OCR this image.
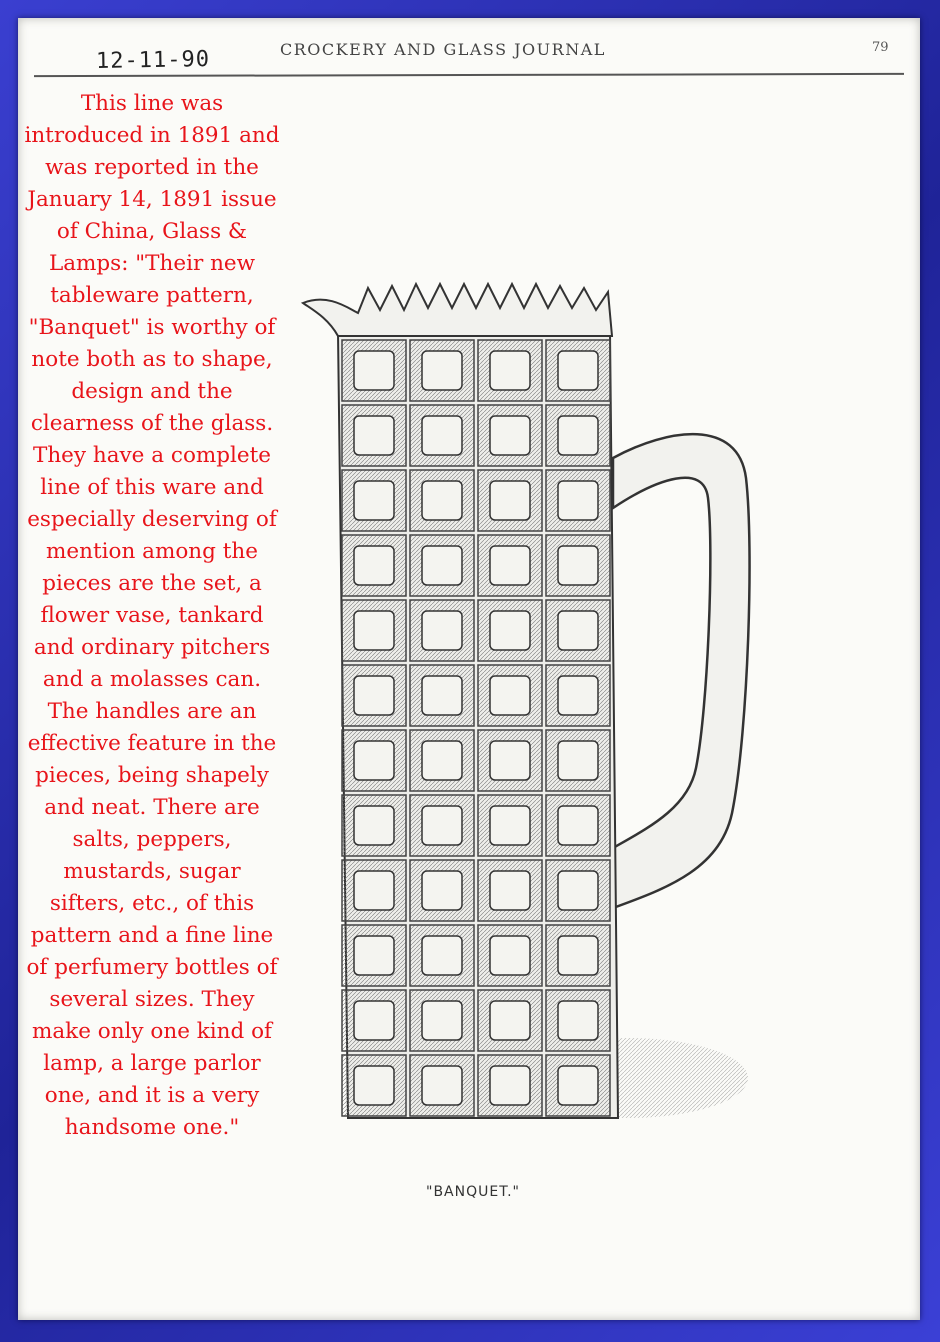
12-11-90	CROCKERY AND GLASS JOURNAL	79
This line was introduced in 1891 and was reported in the January 14, 1891 issue of China, Glass & Lamps: "Their new tableware pattern, "Banquet" is worthy of note both as to shape, design and the clearness of the glass. They have a complete line of this ware and especially deserving of mention among the pieces are the set, a flower vase, tankard and ordinary pitchers and a molasses can. The handles are an effective feature in the pieces, being shapely and neat. There are salts, peppers, mustards, sugar sifters, etc., of this pattern and a fine line of perfumery bottles of several sizes. They make only one kind of lamp, a large parlor one, and it is a very handsome one."
"BANQUET."
